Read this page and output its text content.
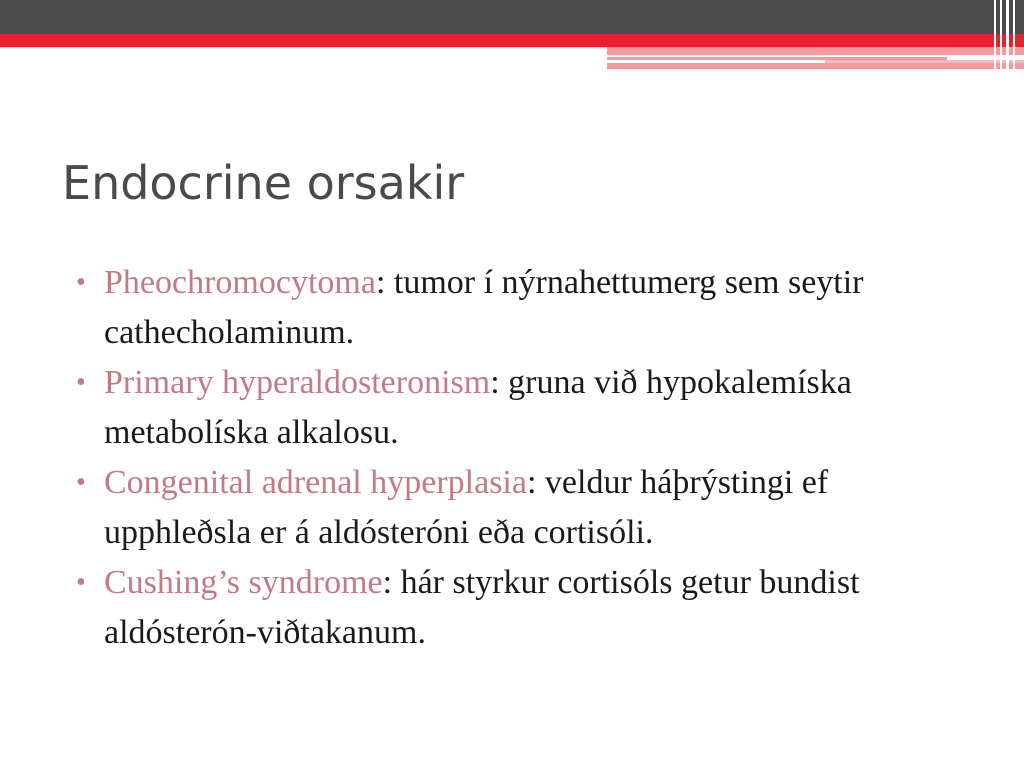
Endocrine orsakir
• Pheochromocytoma: tumor í nýrnahettumerg sem seytir cathecholaminum.
• Primary hyperaldosteronism: gruna við hypokalemíska metabolíska alkalosu.
• Congenital adrenal hyperplasia: veldur háþrýstingi ef upphleðsla er á aldósteróni eða cortisóli.
• Cushing’s syndrome: hár styrkur cortisóls getur bundist aldósterón-viðtakanum.
